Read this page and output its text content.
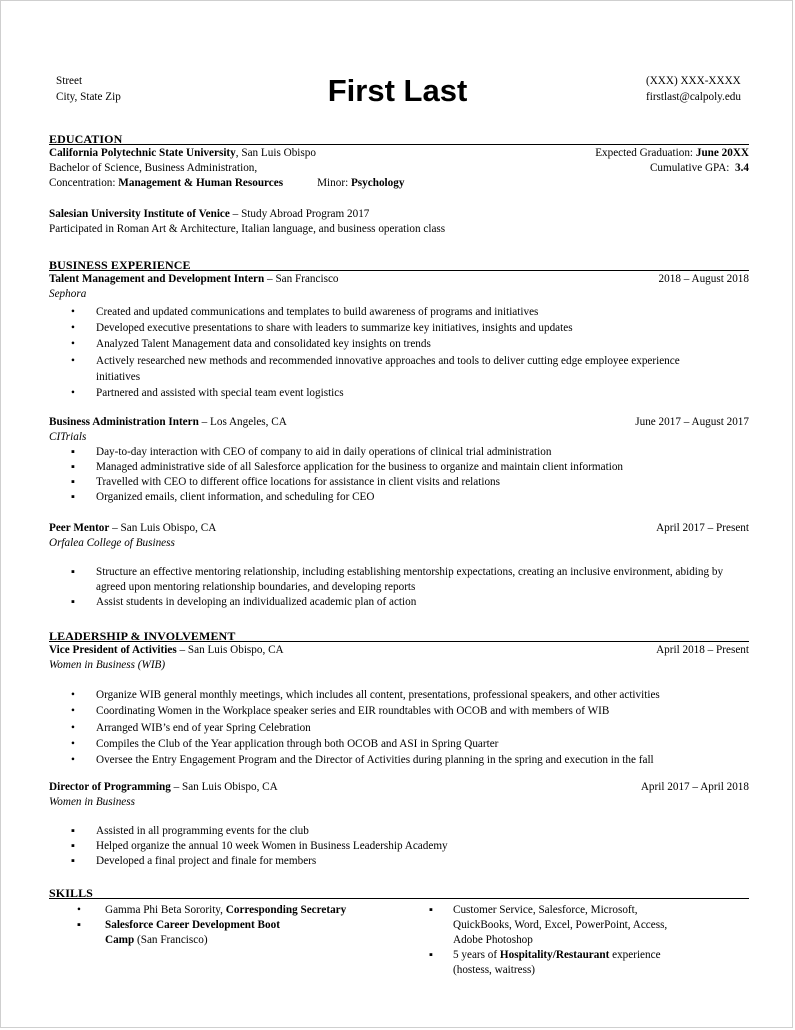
Street
City, State Zip	First Last	(XXX) XXX-XXXX
firstlast@calpoly.edu
EDUCATION
California Polytechnic State University, San Luis Obispo	Expected Graduation: June 20XX
Bachelor of Science, Business Administration,	Cumulative GPA:  3.4
Concentration: Management & Human Resources	Minor: Psychology
Salesian University Institute of Venice – Study Abroad Program 2017
Participated in Roman Art & Architecture, Italian language, and business operation class
BUSINESS EXPERIENCE
Talent Management and Development Intern – San Francisco	2018 – August 2018
Sephora
• Created and updated communications and templates to build awareness of programs and initiatives
• Developed executive presentations to share with leaders to summarize key initiatives, insights and updates
• Analyzed Talent Management data and consolidated key insights on trends
• Actively researched new methods and recommended innovative approaches and tools to deliver cutting edge employee experience initiatives
• Partnered and assisted with special team event logistics
Business Administration Intern – Los Angeles, CA	June 2017 – August 2017
CITrials
▪ Day-to-day interaction with CEO of company to aid in daily operations of clinical trial administration
▪ Managed administrative side of all Salesforce application for the business to organize and maintain client information
▪ Travelled with CEO to different office locations for assistance in client visits and relations
▪ Organized emails, client information, and scheduling for CEO
Peer Mentor – San Luis Obispo, CA	April 2017 – Present
Orfalea College of Business
▪ Structure an effective mentoring relationship, including establishing mentorship expectations, creating an inclusive environment, abiding by agreed upon mentoring relationship boundaries, and developing reports
▪ Assist students in developing an individualized academic plan of action
LEADERSHIP & INVOLVEMENT
Vice President of Activities – San Luis Obispo, CA	April 2018 – Present
Women in Business (WIB)
• Organize WIB general monthly meetings, which includes all content, presentations, professional speakers, and other activities
• Coordinating Women in the Workplace speaker series and EIR roundtables with OCOB and with members of WIB
• Arranged WIB’s end of year Spring Celebration
• Compiles the Club of the Year application through both OCOB and ASI in Spring Quarter
• Oversee the Entry Engagement Program and the Director of Activities during planning in the spring and execution in the fall
Director of Programming – San Luis Obispo, CA	April 2017 – April 2018
Women in Business
▪ Assisted in all programming events for the club
▪ Helped organize the annual 10 week Women in Business Leadership Academy
▪ Developed a final project and finale for members
SKILLS
• Gamma Phi Beta Sorority, Corresponding Secretary
▪ Salesforce Career Development Boot Camp (San Francisco)
▪ Customer Service, Salesforce, Microsoft, QuickBooks, Word, Excel, PowerPoint, Access, Adobe Photoshop
▪ 5 years of Hospitality/Restaurant experience (hostess, waitress)
